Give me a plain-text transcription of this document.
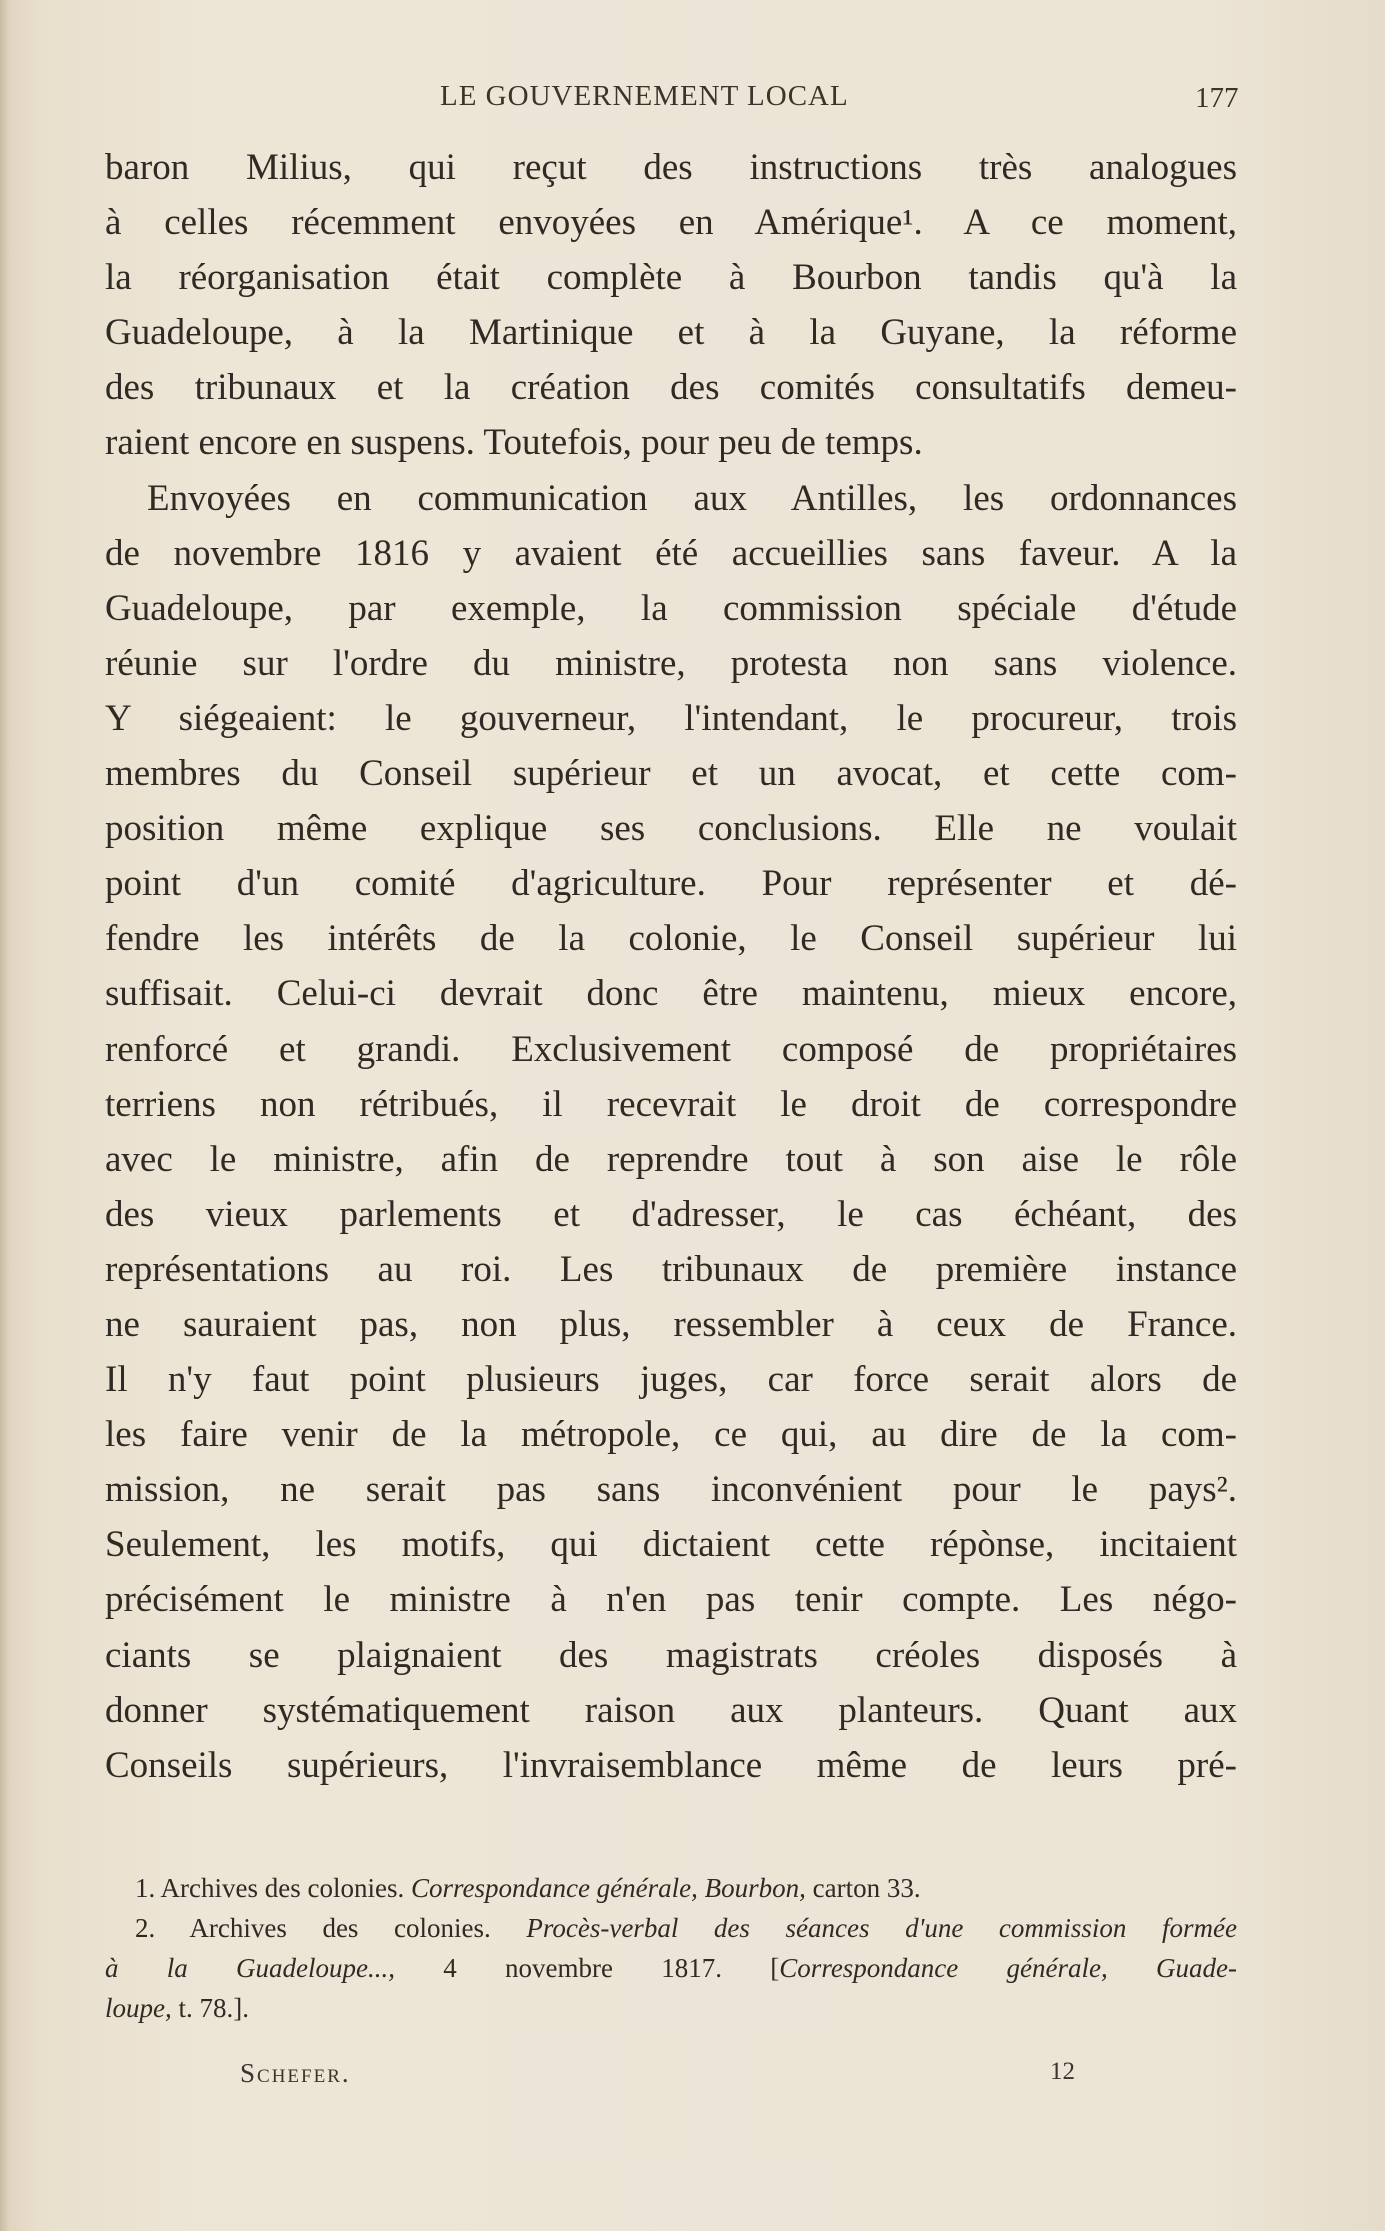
LE GOUVERNEMENT LOCAL	177
baron Milius, qui reçut des instructions très analogues
à celles récemment envoyées en Amérique¹. A ce moment,
la réorganisation était complète à Bourbon tandis qu'à la
Guadeloupe, à la Martinique et à la Guyane, la réforme
des tribunaux et la création des comités consultatifs demeu-
raient encore en suspens. Toutefois, pour peu de temps.
Envoyées en communication aux Antilles, les ordonnances
de novembre 1816 y avaient été accueillies sans faveur. A la
Guadeloupe, par exemple, la commission spéciale d'étude
réunie sur l'ordre du ministre, protesta non sans violence.
Y siégeaient: le gouverneur, l'intendant, le procureur, trois
membres du Conseil supérieur et un avocat, et cette com-
position même explique ses conclusions. Elle ne voulait
point d'un comité d'agriculture. Pour représenter et dé-
fendre les intérêts de la colonie, le Conseil supérieur lui
suffisait. Celui-ci devrait donc être maintenu, mieux encore,
renforcé et grandi. Exclusivement composé de propriétaires
terriens non rétribués, il recevrait le droit de correspondre
avec le ministre, afin de reprendre tout à son aise le rôle
des vieux parlements et d'adresser, le cas échéant, des
représentations au roi. Les tribunaux de première instance
ne sauraient pas, non plus, ressembler à ceux de France.
Il n'y faut point plusieurs juges, car force serait alors de
les faire venir de la métropole, ce qui, au dire de la com-
mission, ne serait pas sans inconvénient pour le pays².
Seulement, les motifs, qui dictaient cette répònse, incitaient
précisément le ministre à n'en pas tenir compte. Les négo-
ciants se plaignaient des magistrats créoles disposés à
donner systématiquement raison aux planteurs. Quant aux
Conseils supérieurs, l'invraisemblance même de leurs pré-
1. Archives des colonies. Correspondance générale, Bourbon, carton 33.
2. Archives des colonies. Procès-verbal des séances d'une commission formée
à la Guadeloupe..., 4 novembre 1817. [Correspondance générale, Guade-
loupe, t. 78.].
Schefer.	12
